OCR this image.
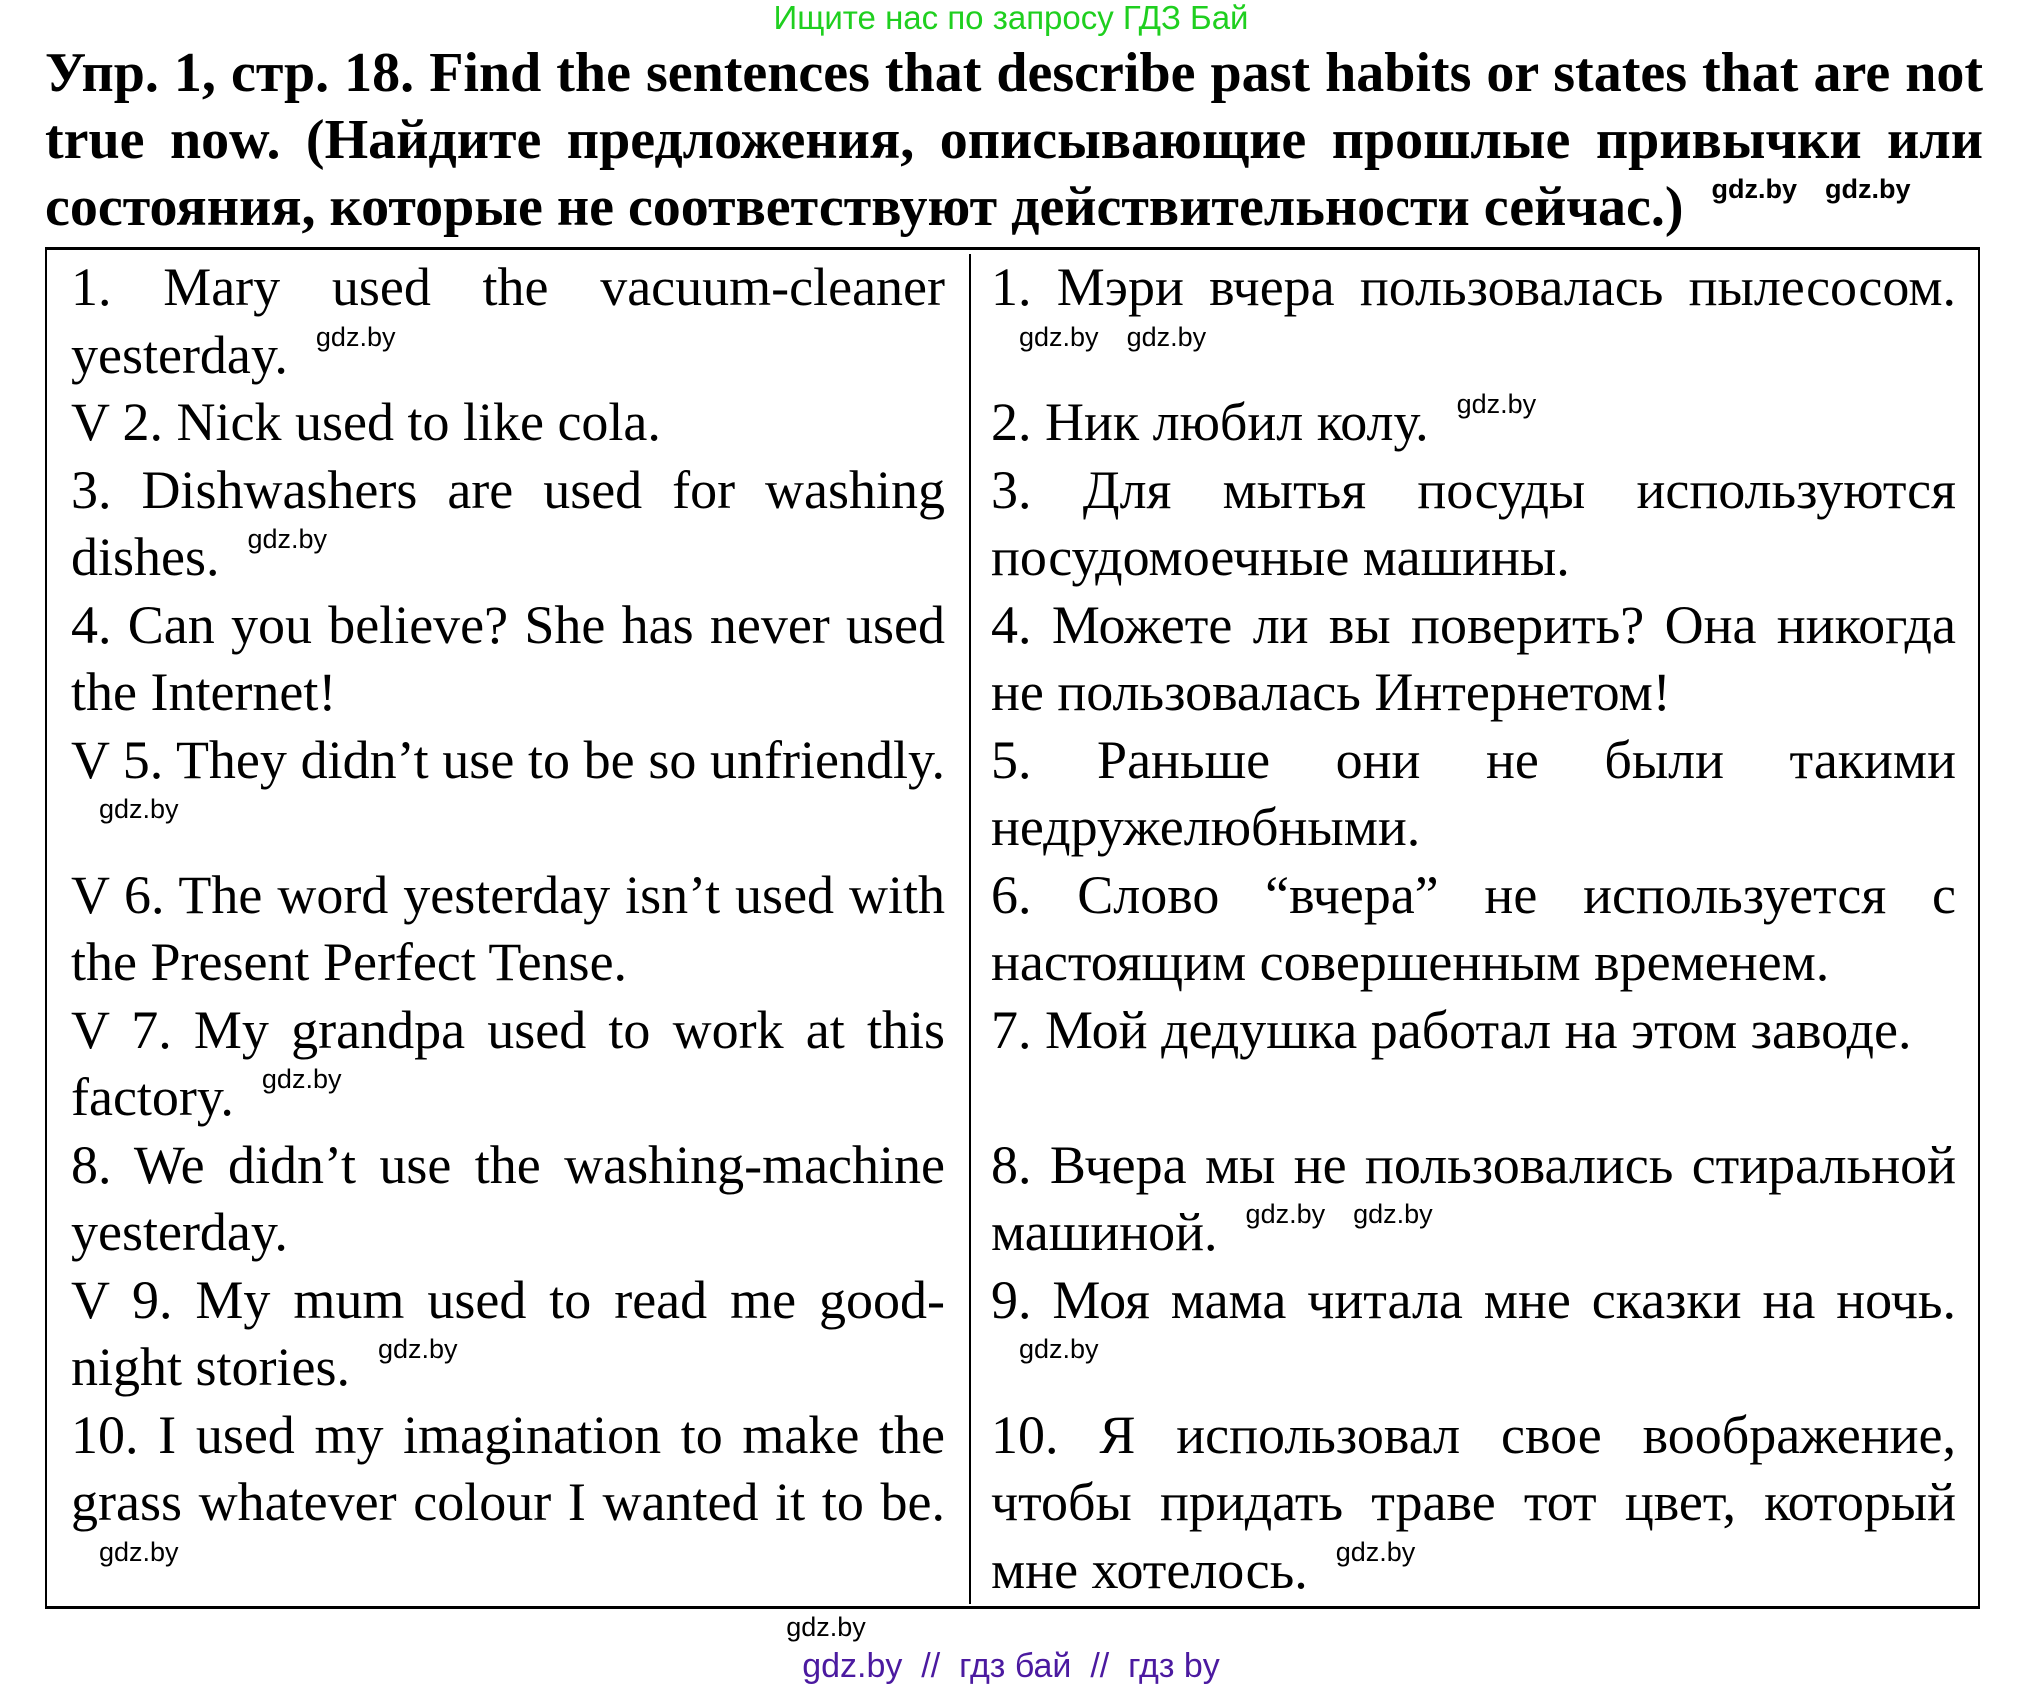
Ищите нас по запросу ГДЗ Бай
Упр. 1, стр. 18. Find the sentences that describe past habits or states that are not true now. (Найдите предложения, описывающие прошлые привычки или состояния, которые не соответствуют действительности сейчас.) gdz.by gdz.by
1. Mary used the vacuum-cleaner yesterday. gdz.by
1. Мэри вчера пользовалась пылесосом.gdz.by gdz.by
V 2. Nick used to like cola.	2. Ник любил колу. gdz.by
3. Dishwashers are used for washing dishes. gdz.by
3. Для мытья посуды используются посудомоечные машины.
4. Can you believe? She has never used the Internet!
4. Можете ли вы поверить? Она никогда не пользовалась Интернетом!
V 5. They didn’t use to be so unfriendly.gdz.by
5. Раньше они не были такими недружелюбными.
V 6. The word yesterday isn’t used with the Present Perfect Tense.
6. Слово “вчера” не используется с настоящим совершенным временем.
V 7. My grandpa used to work at this factory. gdz.by
7. Мой дедушка работал на этом заводе.
8. We didn’t use the washing-machine yesterday.
8. Вчера мы не пользовались стиральной машиной. gdz.by gdz.by
V 9. My mum used to read me good-night stories. gdz.by
9. Моя мама читала мне сказки на ночь.gdz.by
10. I used my imagination to make the grass whatever colour I wanted it to be.gdz.by
10. Я использовал свое воображение, чтобы придать траве тот цвет, который мне хотелось. gdz.by
gdz.by
gdz.by  //  гдз бай  //  гдз by
